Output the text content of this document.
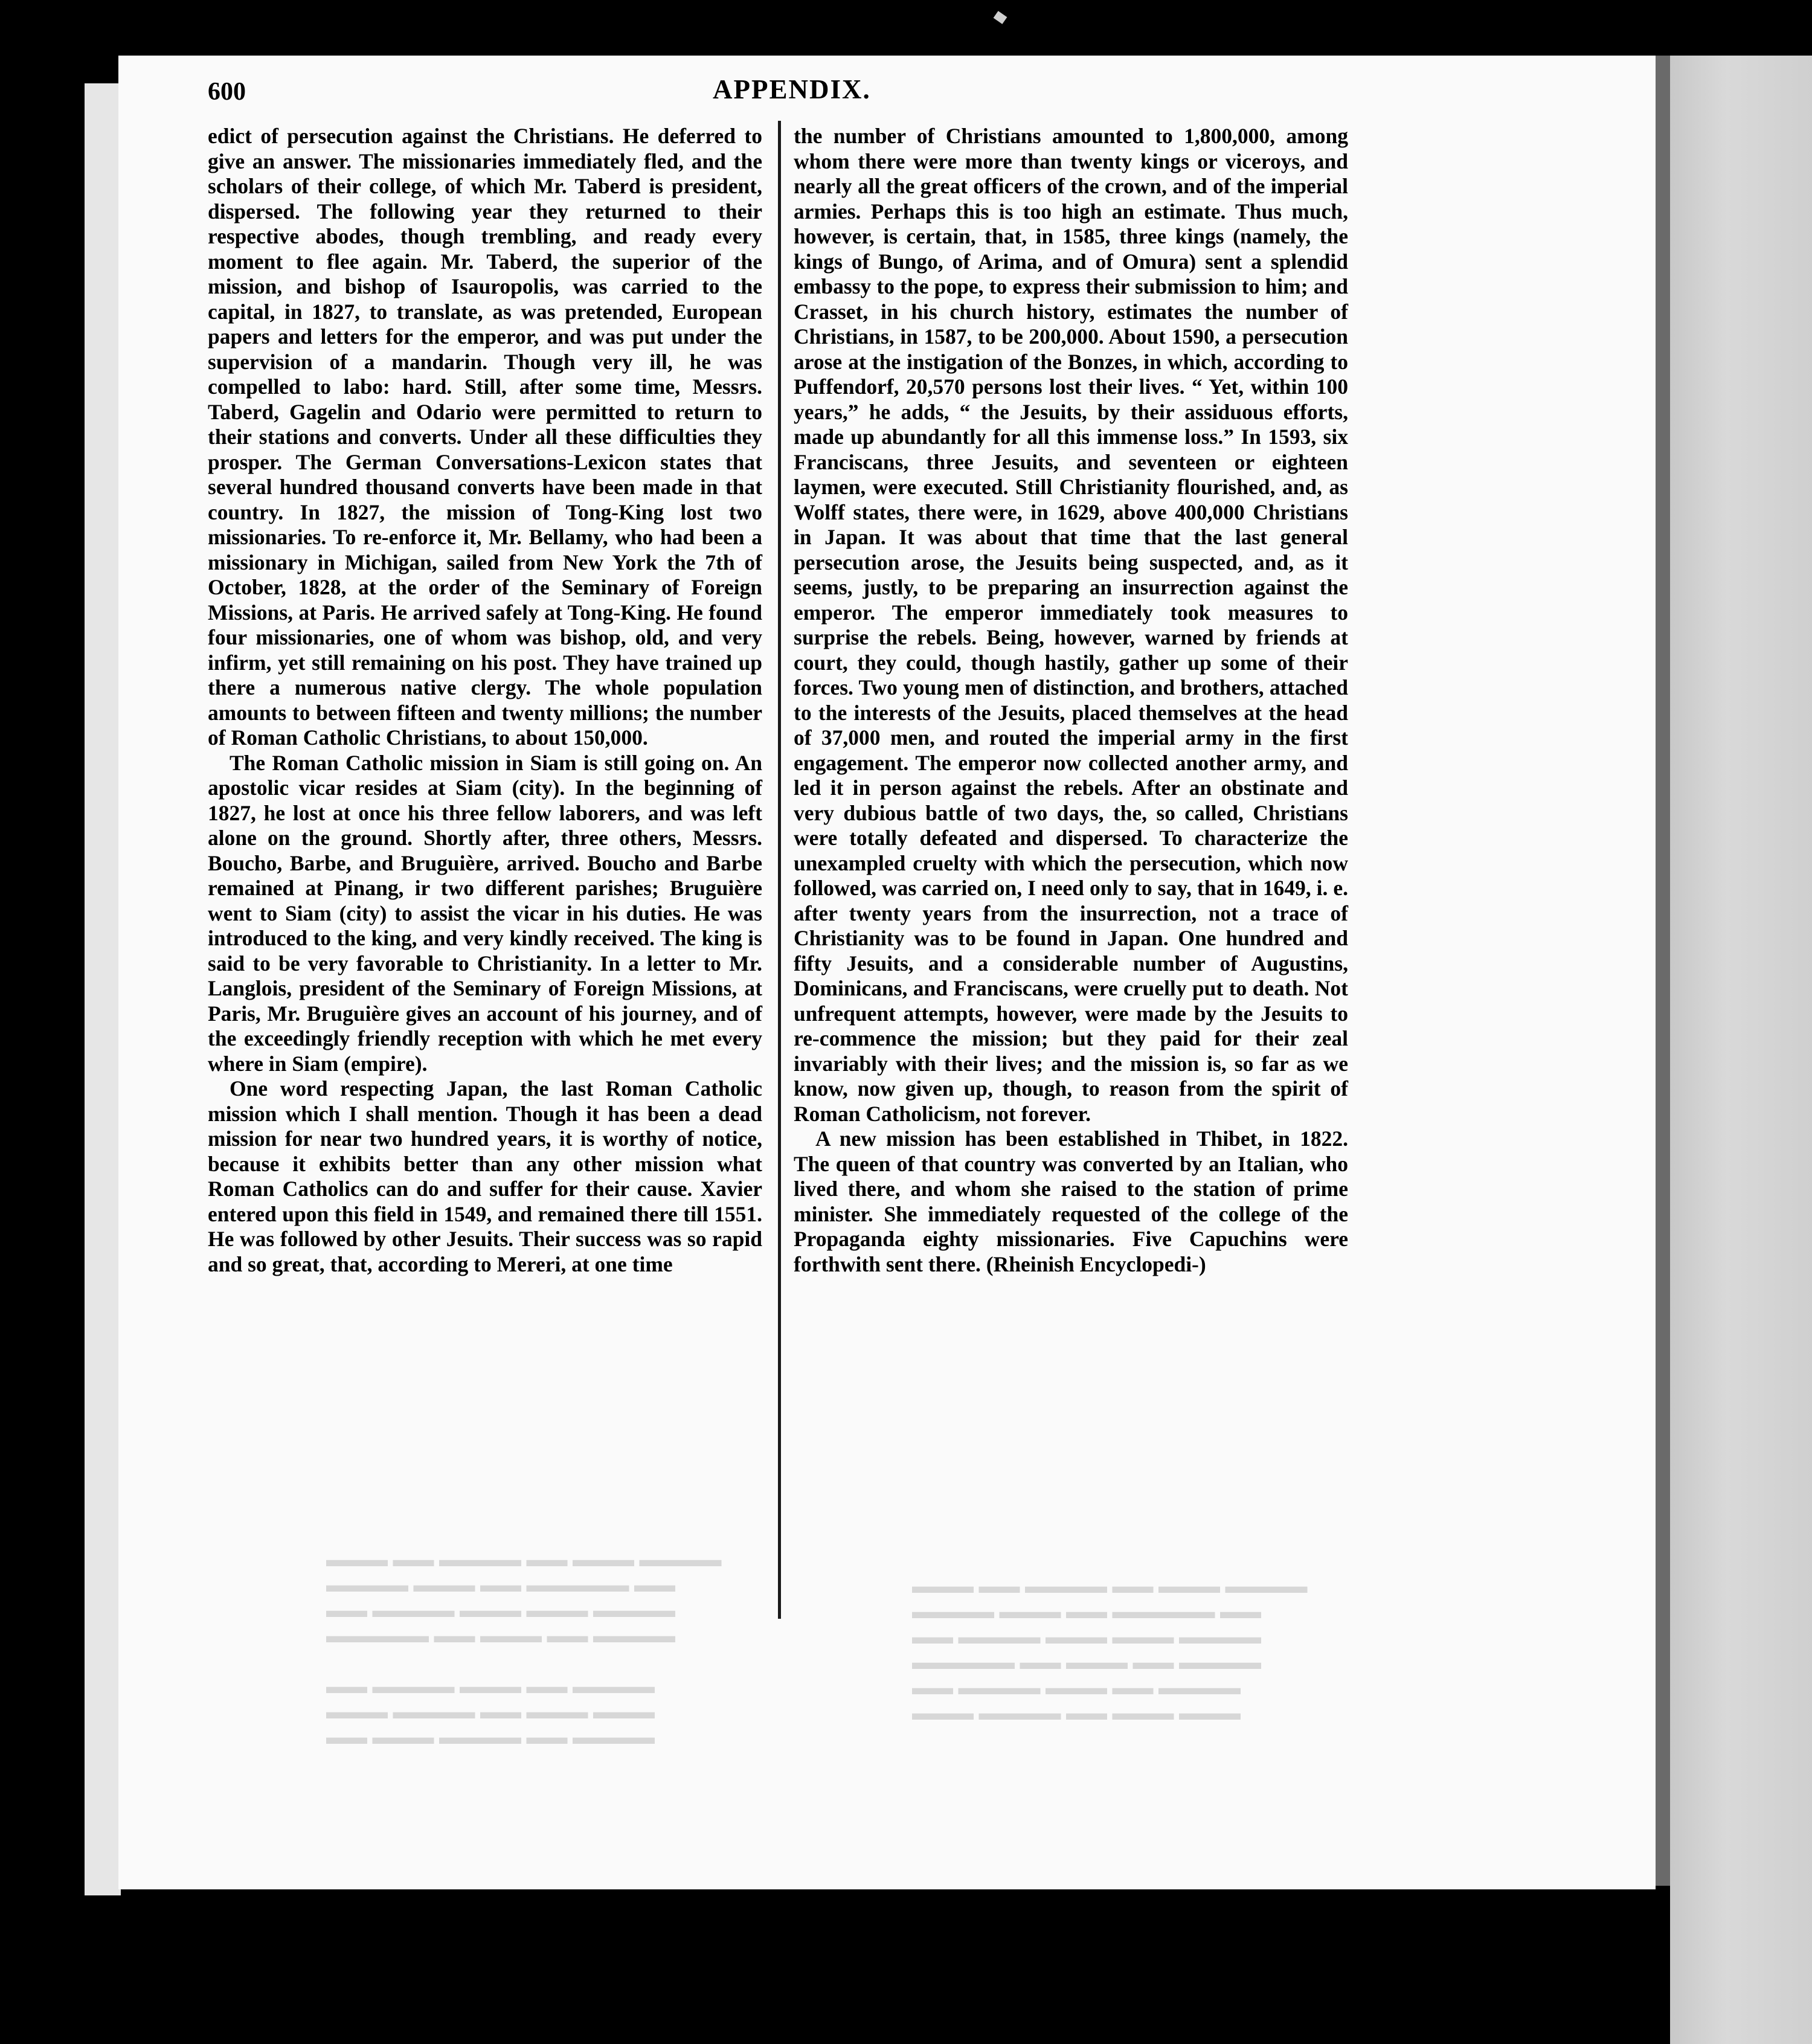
▬▬▬ ▬▬ ▬▬▬▬ ▬▬ ▬▬▬ ▬▬▬▬
▬▬▬▬ ▬▬▬ ▬▬ ▬▬▬▬▬ ▬▬
▬▬ ▬▬▬▬ ▬▬▬ ▬▬▬ ▬▬▬▬
▬▬▬▬▬ ▬▬ ▬▬▬ ▬▬ ▬▬▬▬

▬▬ ▬▬▬▬ ▬▬▬ ▬▬ ▬▬▬▬
▬▬▬ ▬▬▬▬ ▬▬ ▬▬▬ ▬▬▬
▬▬ ▬▬▬ ▬▬▬▬ ▬▬ ▬▬▬▬

▬▬▬ ▬▬ ▬▬▬▬ ▬▬ ▬▬▬ ▬▬▬▬
▬▬▬▬ ▬▬▬ ▬▬ ▬▬▬▬▬ ▬▬
▬▬ ▬▬▬▬ ▬▬▬ ▬▬▬ ▬▬▬▬
▬▬▬▬▬ ▬▬ ▬▬▬ ▬▬ ▬▬▬▬
▬▬ ▬▬▬▬ ▬▬▬ ▬▬ ▬▬▬▬
▬▬▬ ▬▬▬▬ ▬▬ ▬▬▬ ▬▬▬
600	APPENDIX.

edict of persecution against the Christians. He deferred to give an answer. The missionaries immediately fled, and the scholars of their college, of which Mr. Taberd is president, dispersed. The following year they returned to their respective abodes, though trembling, and ready every moment to flee again. Mr. Taberd, the superior of the mission, and bishop of Isauropolis, was carried to the capital, in 1827, to translate, as was pretended, European papers and letters for the emperor, and was put under the supervision of a mandarin. Though very ill, he was compelled to labo: hard. Still, after some time, Messrs. Taberd, Gagelin and Odario were permitted to return to their stations and converts. Under all these difficulties they prosper. The German Conversations-Lexicon states that several hundred thousand converts have been made in that country. In 1827, the mission of Tong-King lost two missionaries. To re-enforce it, Mr. Bellamy, who had been a missionary in Michigan, sailed from New York the 7th of October, 1828, at the order of the Seminary of Foreign Missions, at Paris. He arrived safely at Tong-King. He found four missionaries, one of whom was bishop, old, and very infirm, yet still remaining on his post. They have trained up there a numerous native clergy. The whole population amounts to between fifteen and twenty millions; the number of Roman Catholic Christians, to about 150,000.

The Roman Catholic mission in Siam is still going on. An apostolic vicar resides at Siam (city). In the beginning of 1827, he lost at once his three fellow laborers, and was left alone on the ground. Shortly after, three others, Messrs. Boucho, Barbe, and Bruguière, arrived. Boucho and Barbe remained at Pinang, ir two different parishes; Bruguière went to Siam (city) to assist the vicar in his duties. He was introduced to the king, and very kindly received. The king is said to be very favorable to Christianity. In a letter to Mr. Langlois, president of the Seminary of Foreign Missions, at Paris, Mr. Bruguière gives an account of his journey, and of the exceedingly friendly reception with which he met every where in Siam (empire).

One word respecting Japan, the last Roman Catholic mission which I shall mention. Though it has been a dead mission for near two hundred years, it is worthy of notice, because it exhibits better than any other mission what Roman Catholics can do and suffer for their cause. Xavier entered upon this field in 1549, and remained there till 1551. He was followed by other Jesuits. Their success was so rapid and so great, that, according to Mereri, at one time

the number of Christians amounted to 1,800,000, among whom there were more than twenty kings or viceroys, and nearly all the great officers of the crown, and of the imperial armies. Perhaps this is too high an estimate. Thus much, however, is certain, that, in 1585, three kings (namely, the kings of Bungo, of Arima, and of Omura) sent a splendid embassy to the pope, to express their submission to him; and Crasset, in his church history, estimates the number of Christians, in 1587, to be 200,000. About 1590, a persecution arose at the instigation of the Bonzes, in which, according to Puffendorf, 20,570 persons lost their lives. “ Yet, within 100 years,” he adds, “ the Jesuits, by their assiduous efforts, made up abundantly for all this immense loss.” In 1593, six Franciscans, three Jesuits, and seventeen or eighteen laymen, were executed. Still Christianity flourished, and, as Wolff states, there were, in 1629, above 400,000 Christians in Japan. It was about that time that the last general persecution arose, the Jesuits being suspected, and, as it seems, justly, to be preparing an insurrection against the emperor. The emperor immediately took measures to surprise the rebels. Being, however, warned by friends at court, they could, though hastily, gather up some of their forces. Two young men of distinction, and brothers, attached to the interests of the Jesuits, placed themselves at the head of 37,000 men, and routed the imperial army in the first engagement. The emperor now collected another army, and led it in person against the rebels. After an obstinate and very dubious battle of two days, the, so called, Christians were totally defeated and dispersed. To characterize the unexampled cruelty with which the persecution, which now followed, was carried on, I need only to say, that in 1649, i. e. after twenty years from the insurrection, not a trace of Christianity was to be found in Japan. One hundred and fifty Jesuits, and a considerable number of Augustins, Dominicans, and Franciscans, were cruelly put to death. Not unfrequent attempts, however, were made by the Jesuits to re-commence the mission; but they paid for their zeal invariably with their lives; and the mission is, so far as we know, now given up, though, to reason from the spirit of Roman Catholicism, not forever.

A new mission has been established in Thibet, in 1822. The queen of that country was converted by an Italian, who lived there, and whom she raised to the station of prime minister. She immediately requested of the college of the Propaganda eighty missionaries. Five Capuchins were forthwith sent there. (Rheinish Encyclopedi-)
